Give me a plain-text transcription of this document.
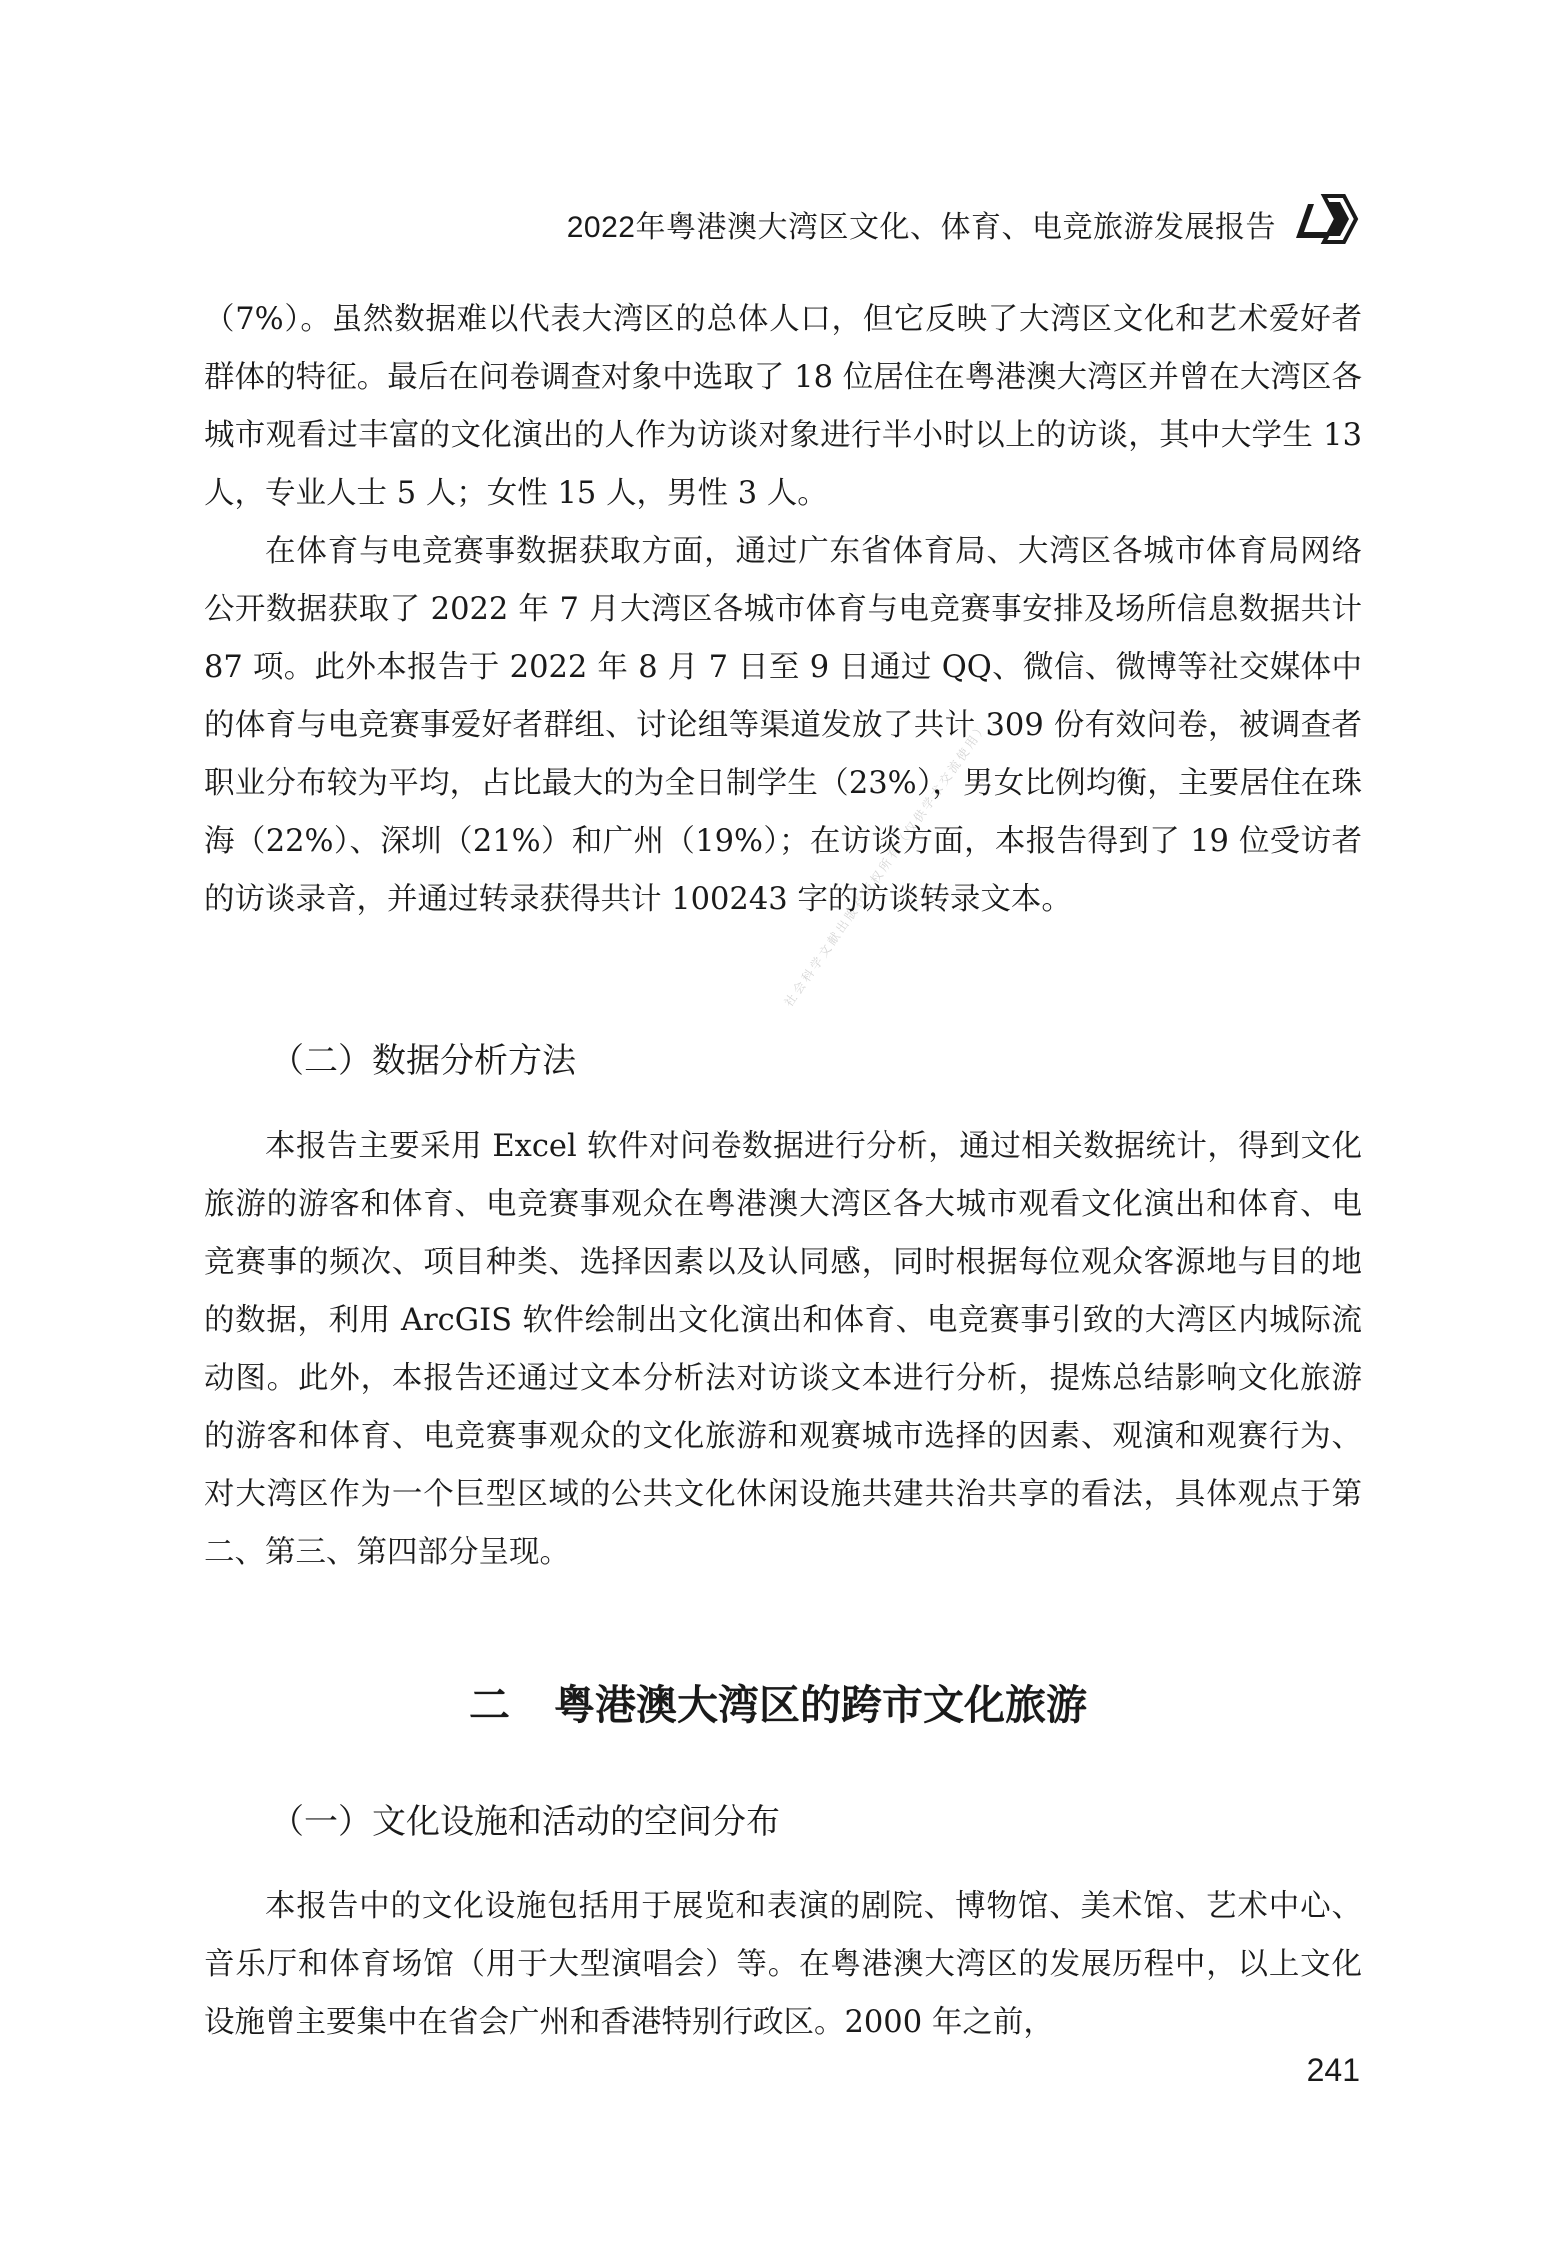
2022年粤港澳大湾区文化、体育、电竞旅游发展报告
社会科学文献出版社版权所有（仅供学术交流使用）

（7%）。虽然数据难以代表大湾区的总体人口，但它反映了大湾区文化和艺术爱好者群体的特征。最后在问卷调查对象中选取了 18 位居住在粤港澳大湾区并曾在大湾区各城市观看过丰富的文化演出的人作为访谈对象进行半小时以上的访谈，其中大学生 13 人，专业人士 5 人；女性 15 人，男性 3 人。

在体育与电竞赛事数据获取方面，通过广东省体育局、大湾区各城市体育局网络公开数据获取了 2022 年 7 月大湾区各城市体育与电竞赛事安排及场所信息数据共计 87 项。此外本报告于 2022 年 8 月 7 日至 9 日通过 QQ、微信、微博等社交媒体中的体育与电竞赛事爱好者群组、讨论组等渠道发放了共计 309 份有效问卷，被调查者职业分布较为平均，占比最大的为全日制学生（23%），男女比例均衡，主要居住在珠海（22%）、深圳（21%）和广州（19%）；在访谈方面，本报告得到了 19 位受访者的访谈录音，并通过转录获得共计 100243 字的访谈转录文本。

（二）数据分析方法

本报告主要采用 Excel 软件对问卷数据进行分析，通过相关数据统计，得到文化旅游的游客和体育、电竞赛事观众在粤港澳大湾区各大城市观看文化演出和体育、电竞赛事的频次、项目种类、选择因素以及认同感，同时根据每位观众客源地与目的地的数据，利用 ArcGIS 软件绘制出文化演出和体育、电竞赛事引致的大湾区内城际流动图。此外，本报告还通过文本分析法对访谈文本进行分析，提炼总结影响文化旅游的游客和体育、电竞赛事观众的文化旅游和观赛城市选择的因素、观演和观赛行为、对大湾区作为一个巨型区域的公共文化休闲设施共建共治共享的看法，具体观点于第二、第三、第四部分呈现。

二 粤港澳大湾区的跨市文化旅游
（一）文化设施和活动的空间分布

本报告中的文化设施包括用于展览和表演的剧院、博物馆、美术馆、艺术中心、音乐厅和体育场馆（用于大型演唱会）等。在粤港澳大湾区的发展历程中，以上文化设施曾主要集中在省会广州和香港特别行政区。2000 年之前，

241
